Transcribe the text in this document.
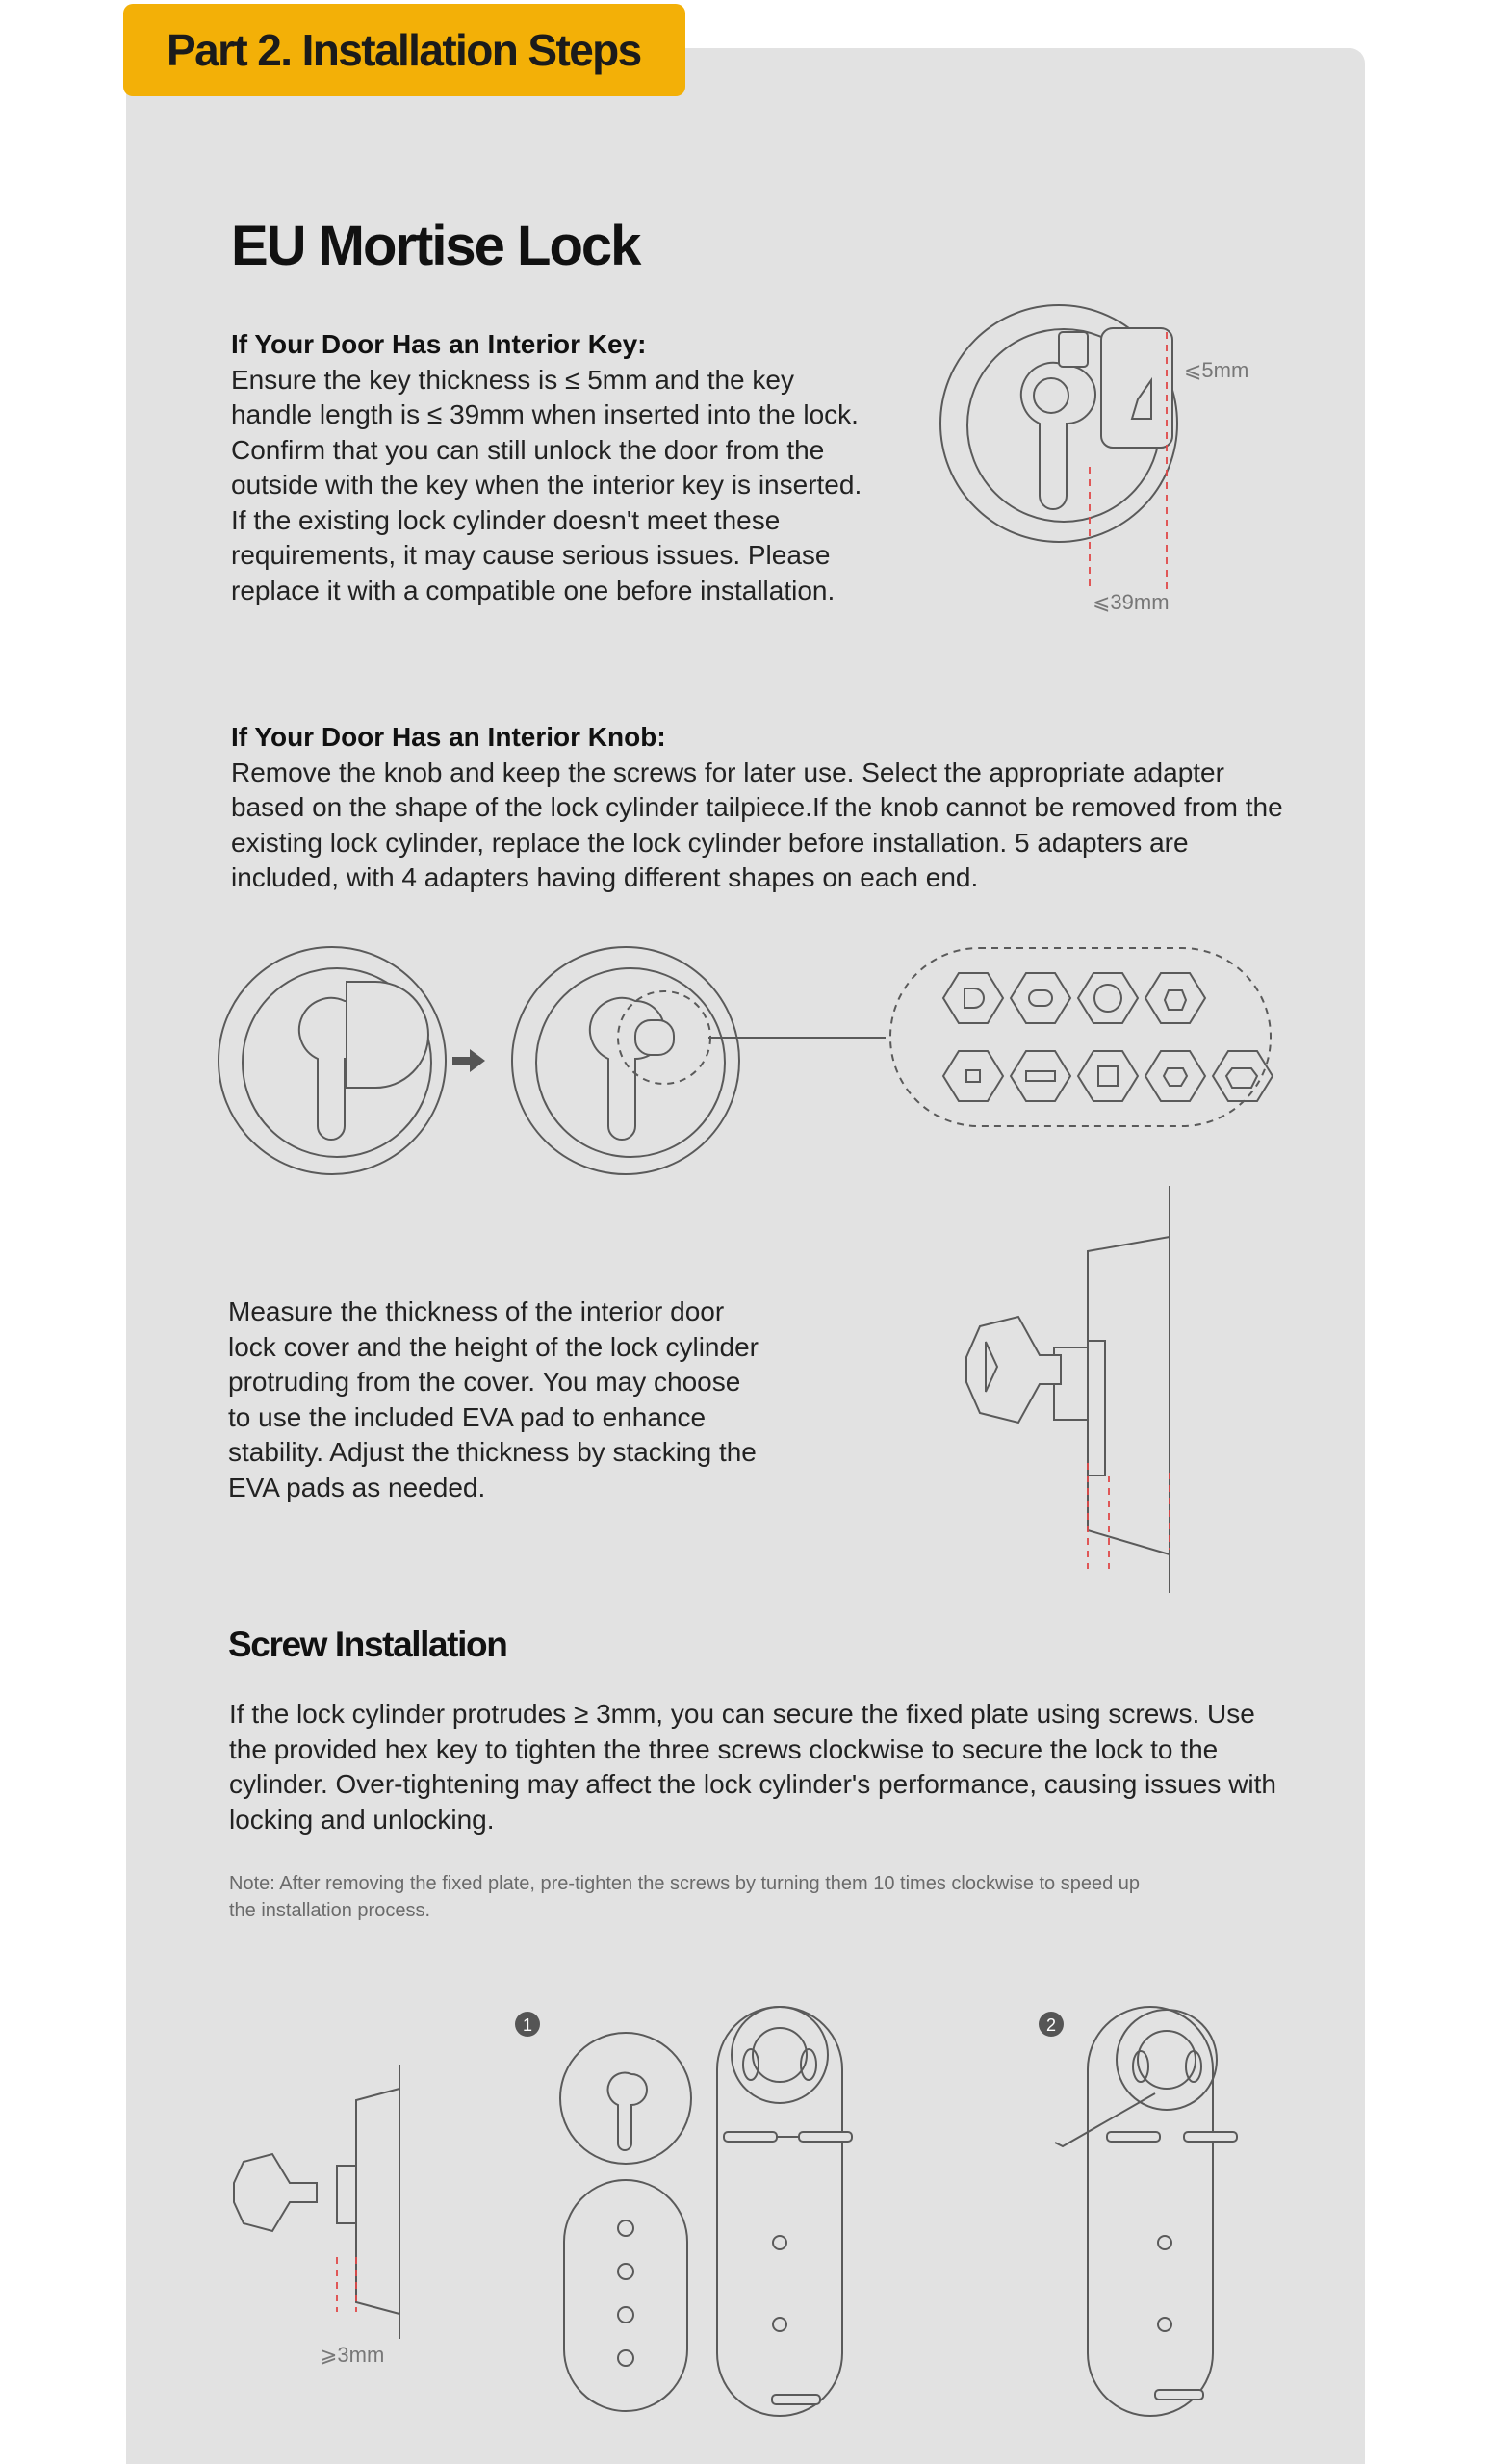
Part 2. Installation Steps
EU Mortise Lock
If Your Door Has an Interior Key:
Ensure the key thickness is ≤ 5mm and the key handle length is ≤ 39mm when inserted into the lock. Confirm that you can still unlock the door from the outside with the key when the interior key is inserted. If the existing lock cylinder doesn't meet these requirements, it may cause serious issues. Please replace it with a compatible one before installation.
⩽5mm
⩽39mm
If Your Door Has an Interior Knob:
Remove the knob and keep the screws for later use. Select the appropriate adapter based on the shape of the lock cylinder tailpiece.If the knob cannot be removed from the existing lock cylinder, replace the lock cylinder before installation. 5 adapters are included, with 4 adapters having different shapes on each end.
Measure the thickness of the interior door lock cover and the height of the lock cylinder protruding from the cover. You may choose to use the included EVA pad to enhance stability. Adjust the thickness by stacking the EVA pads as needed.
Screw Installation
If the lock cylinder protrudes ≥ 3mm, you can secure the fixed plate using screws. Use the provided hex key to tighten the three screws clockwise to secure the lock to the cylinder. Over-tightening may affect the lock cylinder's performance, causing issues with locking and unlocking.
Note: After removing the fixed plate, pre-tighten the screws by turning them 10 times clockwise to speed up the installation process.
⩾3mm
1	2
